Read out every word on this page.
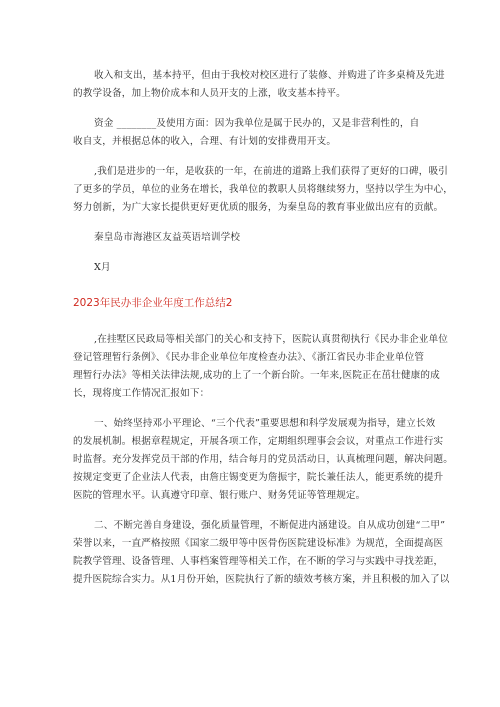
收入和支出，基本持平，但由于我校对校区进行了装修、并购进了许多桌椅及先进
的教学设备，加上物价成本和人员开支的上涨，收支基本持平。
资金 ________及使用方面：因为我单位是属于民办的，又是非营利性的，自
收自支，并根据总体的收入，合理、有计划的安排费用开支。
,我们是进步的一年，是收获的一年，在前进的道路上我们获得了更好的口碑，吸引
了更多的学员，单位的业务在增长，我单位的教职人员将继续努力，坚持以学生为中心，
努力创新，为广大家长提供更好更优质的服务，为秦皇岛的教育事业做出应有的贡献。
秦皇岛市海港区友益英语培训学校
X月
2023年民办非企业年度工作总结2
,在挂墅区民政局等相关部门的关心和支持下，医院认真贯彻执行《民办非企业单位
登记管理暂行条例》、《民办非企业单位年度检查办法》、《浙江省民办非企业单位管
理暂行办法》等相关法律法规,成功的上了一个新台阶。一年来,医院正在茁壮健康的成
长，现将度工作情况汇报如下：
一、始终坚持邓小平理论、“三个代表”重要思想和科学发展观为指导，建立长效
的发展机制。根据章程规定，开展各项工作，定期组织理事会会议，对重点工作进行实
时监督。充分发挥党员干部的作用，结合每月的党员活动日，认真梳理问题，解决问题。
按规定变更了企业法人代表，由詹庄锡变更为詹振宇，院长兼任法人，能更系统的提升
医院的管理水平。认真遵守印章、银行账户、财务凭证等管理规定。
二、不断完善自身建设，强化质量管理，不断促进内涵建设。自从成功创建“二甲”
荣誉以来，一直严格按照《国家二级甲等中医骨伤医院建设标准》为规范，全面提高医
院教学管理、设备管理、人事档案管理等相关工作，在不断的学习与实践中寻找差距，
提升医院综合实力。从1月份开始，医院执行了新的绩效考核方案，并且积极的加入了以
